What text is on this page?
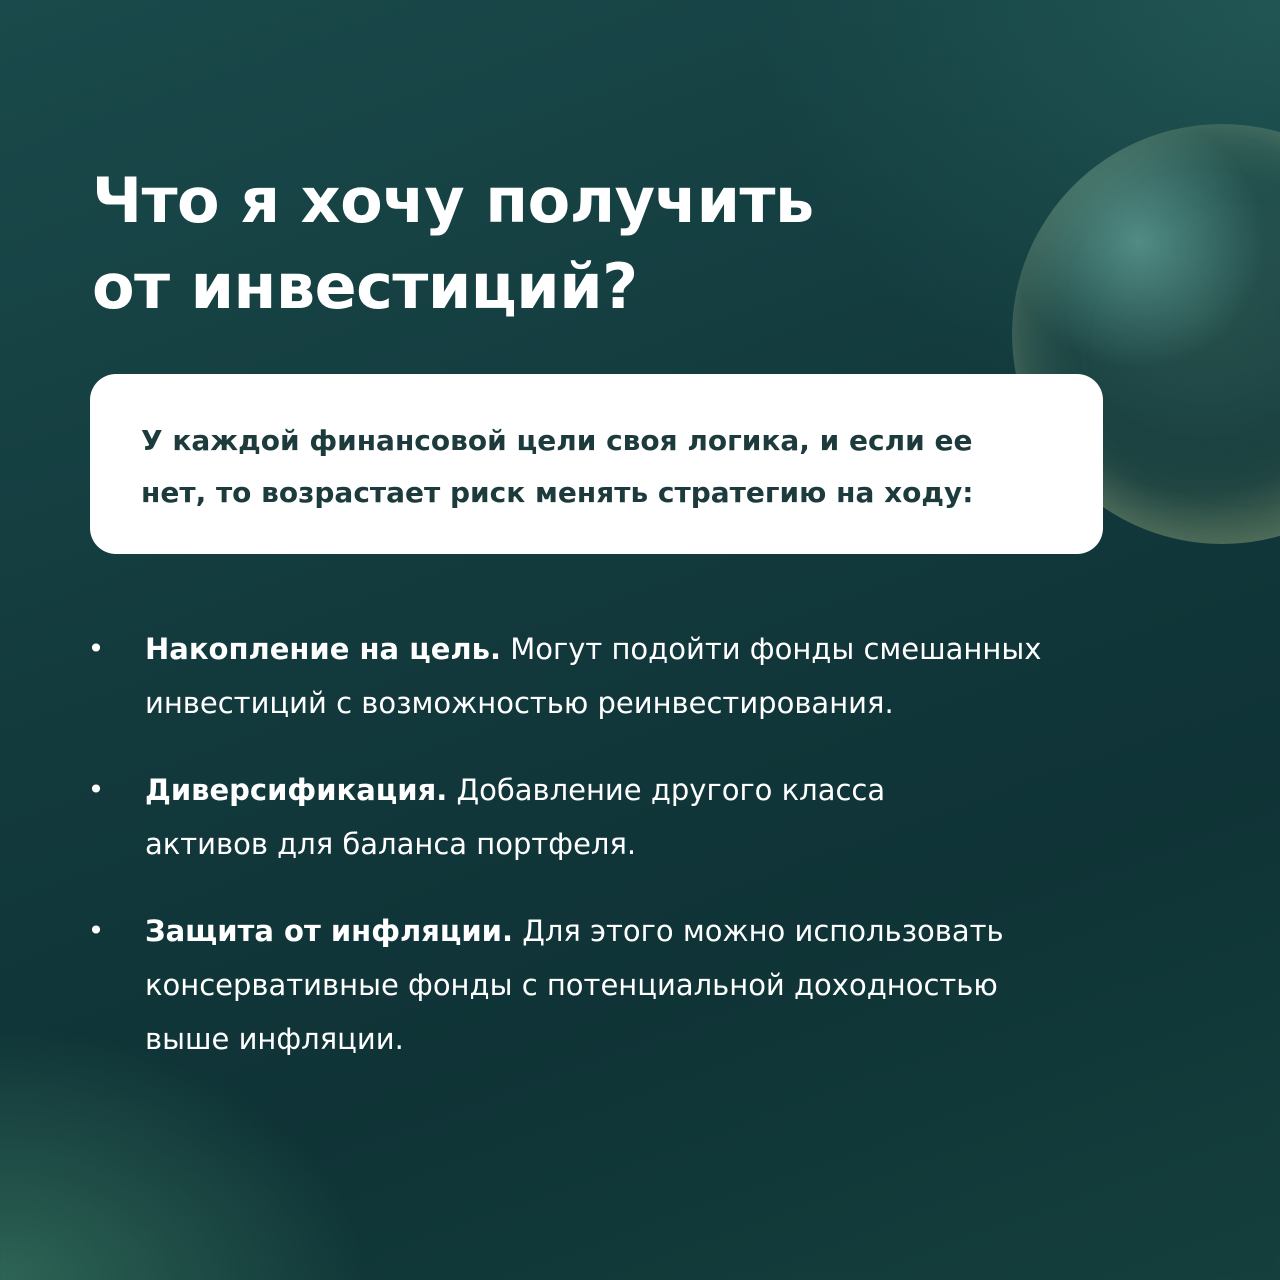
Что я хочу получить
от инвестиций?

У каждой финансовой цели своя логика, и если ее

нет, то возрастает риск менять стратегию на ходу:

• Накопление на цель. Могут подойти фонды смешанных
инвестиций с возможностью реинвестирования.
• Диверсификация. Добавление другого класса
активов для баланса портфеля.
• Защита от инфляции. Для этого можно использовать
консервативные фонды с потенциальной доходностью
выше инфляции.
